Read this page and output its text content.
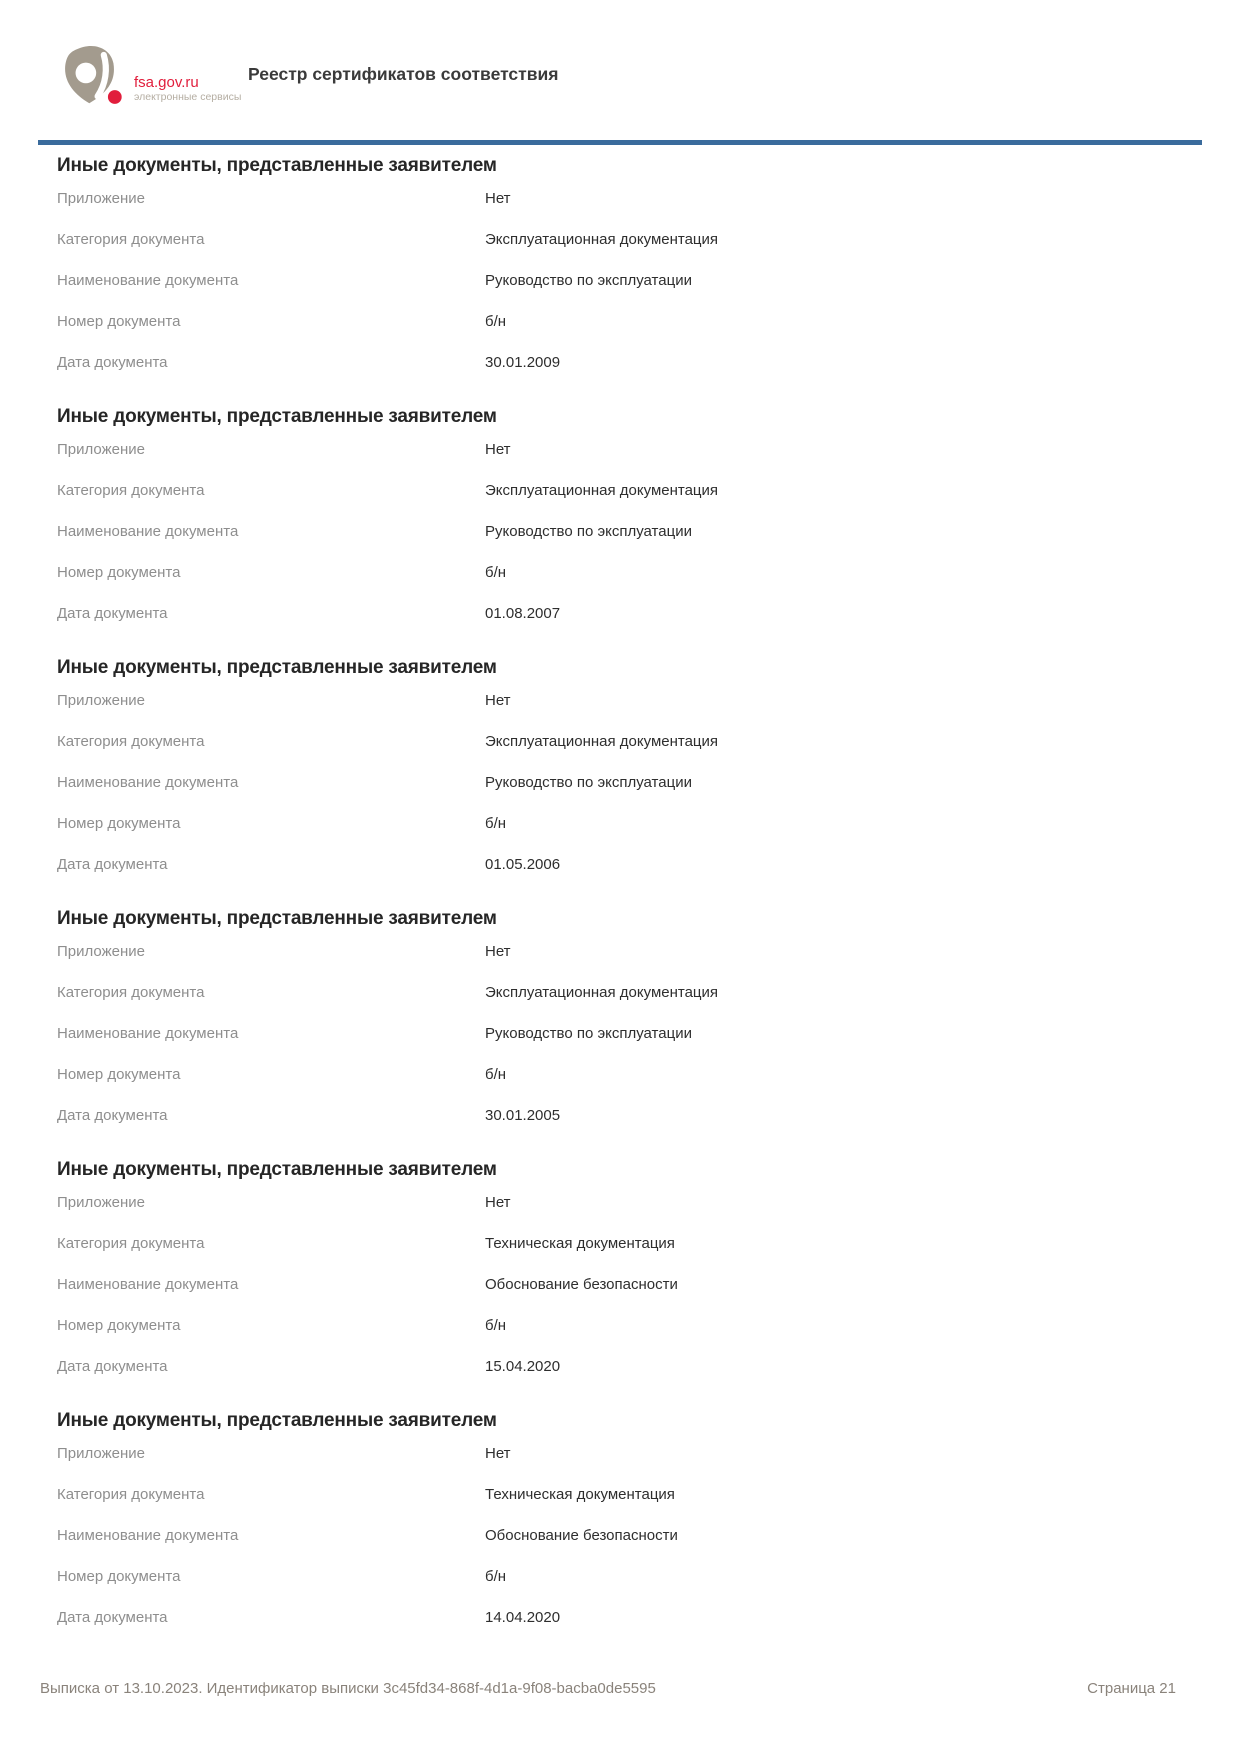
fsa.gov.ru
электронные сервисы
Реестр сертификатов соответствия
Иные документы, представленные заявителем
Приложение	Нет
Категория документа	Эксплуатационная документация
Наименование документа	Руководство по эксплуатации
Номер документа	б/н
Дата документа	30.01.2009
Иные документы, представленные заявителем
Приложение	Нет
Категория документа	Эксплуатационная документация
Наименование документа	Руководство по эксплуатации
Номер документа	б/н
Дата документа	01.08.2007
Иные документы, представленные заявителем
Приложение	Нет
Категория документа	Эксплуатационная документация
Наименование документа	Руководство по эксплуатации
Номер документа	б/н
Дата документа	01.05.2006
Иные документы, представленные заявителем
Приложение	Нет
Категория документа	Эксплуатационная документация
Наименование документа	Руководство по эксплуатации
Номер документа	б/н
Дата документа	30.01.2005
Иные документы, представленные заявителем
Приложение	Нет
Категория документа	Техническая документация
Наименование документа	Обоснование безопасности
Номер документа	б/н
Дата документа	15.04.2020
Иные документы, представленные заявителем
Приложение	Нет
Категория документа	Техническая документация
Наименование документа	Обоснование безопасности
Номер документа	б/н
Дата документа	14.04.2020
Выписка от 13.10.2023. Идентификатор выписки 3c45fd34-868f-4d1a-9f08-bacba0de5595	Страница 21
